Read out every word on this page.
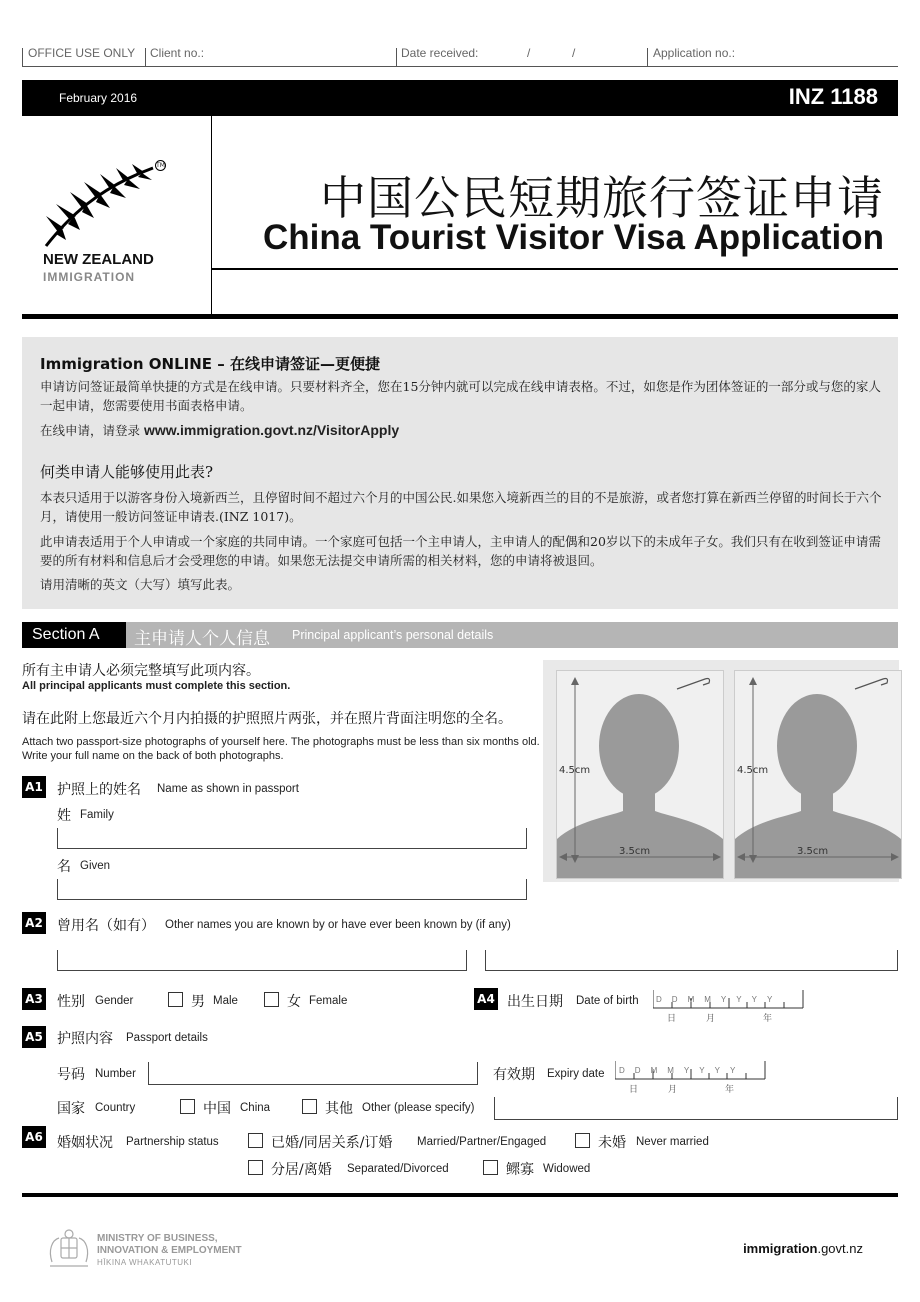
OFFICE USE ONLY Client no.:	Date received:	/	/	Application no.:
February 2016	INZ 1188
TM
NEW ZEALAND
IMMIGRATION
中国公民短期旅行签证申请
China Tourist Visitor Visa Application
Immigration ONLINE – 在线申请签证—更便捷
申请访问签证最简单快捷的方式是在线申请。只要材料齐全，您在15分钟内就可以完成在线申请表格。不过，如您是作为团体签证的一部分或与您的家人一起申请，您需要使用书面表格申请。
在线申请，请登录 www.immigration.govt.nz/VisitorApply
何类申请人能够使用此表?
本表只适用于以游客身份入境新西兰，且停留时间不超过六个月的中国公民.如果您入境新西兰的目的不是旅游，或者您打算在新西兰停留的时间长于六个月，请使用一般访问签证申请表.(INZ 1017)。
此申请表适用于个人申请或一个家庭的共同申请。一个家庭可包括一个主申请人，主申请人的配偶和20岁以下的未成年子女。我们只有在收到签证申请需要的所有材料和信息后才会受理您的申请。如果您无法提交申请所需的相关材料，您的申请将被退回。
请用清晰的英文（大写）填写此表。
Section A	主申请人个人信息 Principal applicant’s personal details
所有主申请人必须完整填写此项内容。
All principal applicants must complete this section.
请在此附上您最近六个月内拍摄的护照照片两张，并在照片背面注明您的全名。
Attach two passport-size photographs of yourself here. The photographs must be less than six months old. Write your full name on the back of both photographs.
4.5cm
3.5cm
4.5cm
3.5cm
A1 护照上的姓名 Name as shown in passport
姓 Family
名 Given
A2 曾用名（如有） Other names you are known by or have ever been known by (if any)
A3 性别 Gender	男 Male	女 Female	A4 出生日期 Date of birth DDMMYYYY
日	月	年
A5 护照内容 Passport details
号码 Number	有效期 Expiry date DDMMYYYY
日	月	年
国家 Country	中国 China	其他 Other (please specify)
A6 婚姻状况 Partnership status	已婚/同居关系/订婚 Married/Partner/Engaged	未婚 Never married
分居/离婚 Separated/Divorced	鳏寡 Widowed
MINISTRY OF BUSINESS,
INNOVATION & EMPLOYMENT
HĪKINA WHAKATUTUKI
immigration.govt.nz
